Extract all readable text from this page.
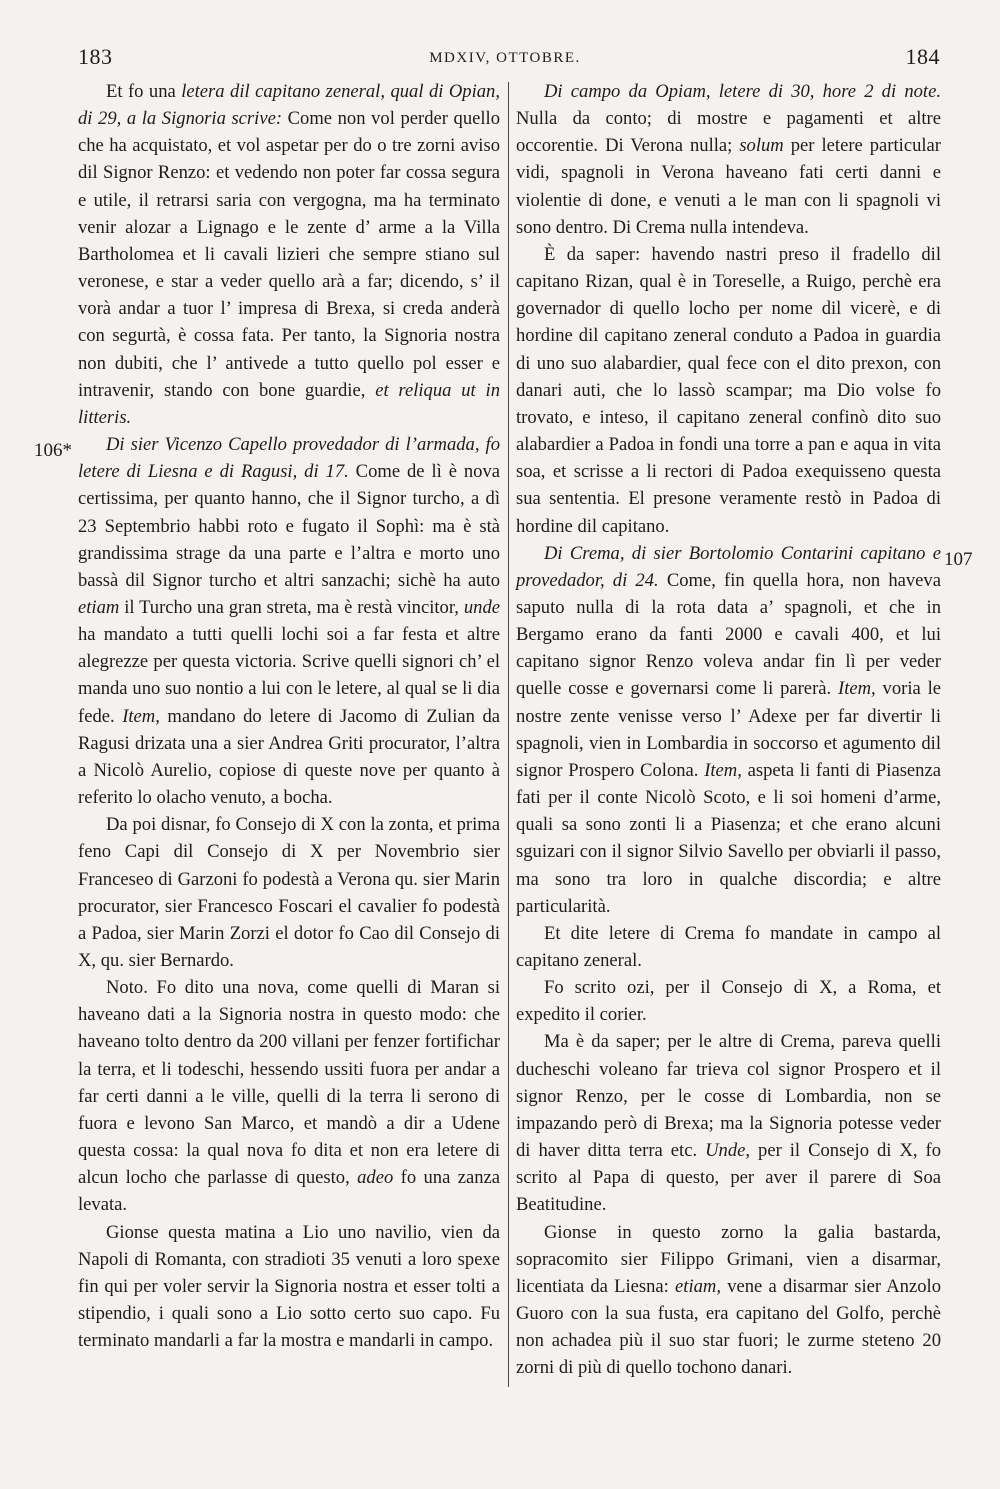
183	MDXIV, OTTOBRE.	184
106*
107

Et fo una letera dil capitano zeneral, qual di Opian, di 29, a la Signoria scrive: Come non vol perder quello che ha acquistato, et vol aspetar per do o tre zorni aviso dil Signor Renzo: et vedendo non poter far cossa segura e utile, il retrarsi saria con vergogna, ma ha terminato venir alozar a Lignago e le zente d’ arme a la Villa Bartholomea et li cavali lizieri che sempre stiano sul veronese, e star a veder quello arà a far; dicendo, s’ il vorà andar a tuor l’ impresa di Brexa, si creda anderà con segurtà, è cossa fata. Per tanto, la Signoria nostra non dubiti, che l’ antivede a tutto quello pol esser e intravenir, stando con bone guardie, et reliqua ut in litteris.

Di sier Vicenzo Capello provedador di l’armada, fo letere di Liesna e di Ragusi, di 17. Come de lì è nova certissima, per quanto hanno, che il Signor turcho, a dì 23 Septembrio habbi roto e fugato il Sophì: ma è stà grandissima strage da una parte e l’altra e morto uno bassà dil Signor turcho et altri sanzachi; sichè ha auto etiam il Turcho una gran streta, ma è restà vincitor, unde ha mandato a tutti quelli lochi soi a far festa et altre alegrezze per questa victoria. Scrive quelli signori ch’ el manda uno suo nontio a lui con le letere, al qual se li dia fede. Item, mandano do letere di Jacomo di Zulian da Ragusi drizata una a sier Andrea Griti procurator, l’altra a Nicolò Aurelio, copiose di queste nove per quanto à referito lo olacho venuto, a bocha.

Da poi disnar, fo Consejo di X con la zonta, et prima feno Capi dil Consejo di X per Novembrio sier Franceseo di Garzoni fo podestà a Verona qu. sier Marin procurator, sier Francesco Foscari el cavalier fo podestà a Padoa, sier Marin Zorzi el dotor fo Cao dil Consejo di X, qu. sier Bernardo.

Noto. Fo dito una nova, come quelli di Maran si haveano dati a la Signoria nostra in questo modo: che haveano tolto dentro da 200 villani per fenzer fortifichar la terra, et li todeschi, hessendo ussiti fuora per andar a far certi danni a le ville, quelli di la terra li serono di fuora e levono San Marco, et mandò a dir a Udene questa cossa: la qual nova fo dita et non era letere di alcun locho che parlasse di questo, adeo fo una zanza levata.

Gionse questa matina a Lio uno navilio, vien da Napoli di Romanta, con stradioti 35 venuti a loro spexe fin qui per voler servir la Signoria nostra et esser tolti a stipendio, i quali sono a Lio sotto certo suo capo. Fu terminato mandarli a far la mostra e mandarli in campo.

Di campo da Opiam, letere di 30, hore 2 di note. Nulla da conto; di mostre e pagamenti et altre occorentie. Di Verona nulla; solum per letere particular vidi, spagnoli in Verona haveano fati certi danni e violentie di done, e venuti a le man con li spagnoli vi sono dentro. Di Crema nulla intendeva.

È da saper: havendo nastri preso il fradello dil capitano Rizan, qual è in Toreselle, a Ruigo, perchè era governador di quello locho per nome dil vicerè, e di hordine dil capitano zeneral conduto a Padoa in guardia di uno suo alabardier, qual fece con el dito prexon, con danari auti, che lo lassò scampar; ma Dio volse fo trovato, e inteso, il capitano zeneral confinò dito suo alabardier a Padoa in fondi una torre a pan e aqua in vita soa, et scrisse a li rectori di Padoa exequisseno questa sua sententia. El presone veramente restò in Padoa di hordine dil capitano.

Di Crema, di sier Bortolomio Contarini capitano e provedador, di 24. Come, fin quella hora, non haveva saputo nulla di la rota data a’ spagnoli, et che in Bergamo erano da fanti 2000 e cavali 400, et lui capitano signor Renzo voleva andar fin lì per veder quelle cosse e governarsi come li parerà. Item, voria le nostre zente venisse verso l’ Adexe per far divertir li spagnoli, vien in Lombardia in soccorso et agumento dil signor Prospero Colona. Item, aspeta li fanti di Piasenza fati per il conte Nicolò Scoto, e li soi homeni d’arme, quali sa sono zonti li a Piasenza; et che erano alcuni sguizari con il signor Silvio Savello per obviarli il passo, ma sono tra loro in qualche discordia; e altre particularità.

Et dite letere di Crema fo mandate in campo al capitano zeneral.

Fo scrito ozi, per il Consejo di X, a Roma, et expedito il corier.

Ma è da saper; per le altre di Crema, pareva quelli ducheschi voleano far trieva col signor Prospero et il signor Renzo, per le cosse di Lombardia, non se impazando però di Brexa; ma la Signoria potesse veder di haver ditta terra etc. Unde, per il Consejo di X, fo scrito al Papa di questo, per aver il parere di Soa Beatitudine.

Gionse in questo zorno la galia bastarda, sopracomito sier Filippo Grimani, vien a disarmar, licentiata da Liesna: etiam, vene a disarmar sier Anzolo Guoro con la sua fusta, era capitano del Golfo, perchè non achadea più il suo star fuori; le zurme steteno 20 zorni di più di quello tochono danari.
